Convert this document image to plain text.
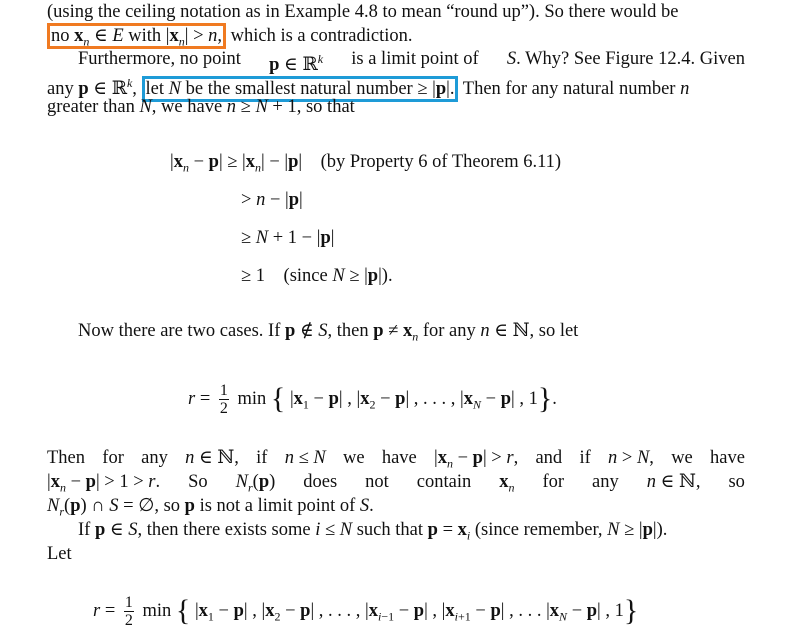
(using the ceiling notation as in Example 4.8 to mean “round up”). So there would be
no $x_n$ ∈ E with $|x_n| > n$, which is a contradiction.
Furthermore, no point p ∈ ℝ$^k$ is a limit point of S. Why? See Figure 12.4. Given
any p ∈ ℝ$^k$, let N be the smallest natural number ≥ |p|. Then for any natural number n
greater than N, we have n ≥ N + 1, so that
$|x_n - p| \ge |x_n| - |p|$    (by Property 6 of Theorem 6.11)
> n − |p|
≥ N + 1 − |p|
≥ 1    (since N ≥ |p|).
Now there are two cases. If p ∉ S, then $p \ne x_n$ for any n ∈ ℕ, so let
$r = \frac{1}{2}$ min { $|x_1 - p|$ , $|x_2 - p|$ , . . . , $|x_N - p|$ , 1}.
Then for any n ∈ ℕ, if n ≤ N we have $|x_n - p| > r$, and if n > N, we have
$|x_n - p| > 1 > r$. So $N_r(p)$ does not contain $x_n$ for any n ∈ ℕ, so
$N_r(p)$ ∩ S = ∅, so p is not a limit point of S.
If p ∈ S, then there exists some i ≤ N such that $p = x_i$ (since remember, N ≥ |p|).
Let
$r = \frac{1}{2}$ min { $|x_1 - p|$ , $|x_2 - p|$ , . . . , $|x_{i-1} - p|$ , $|x_{i+1} - p|$ , . . . $|x_N - p|$ , 1}
